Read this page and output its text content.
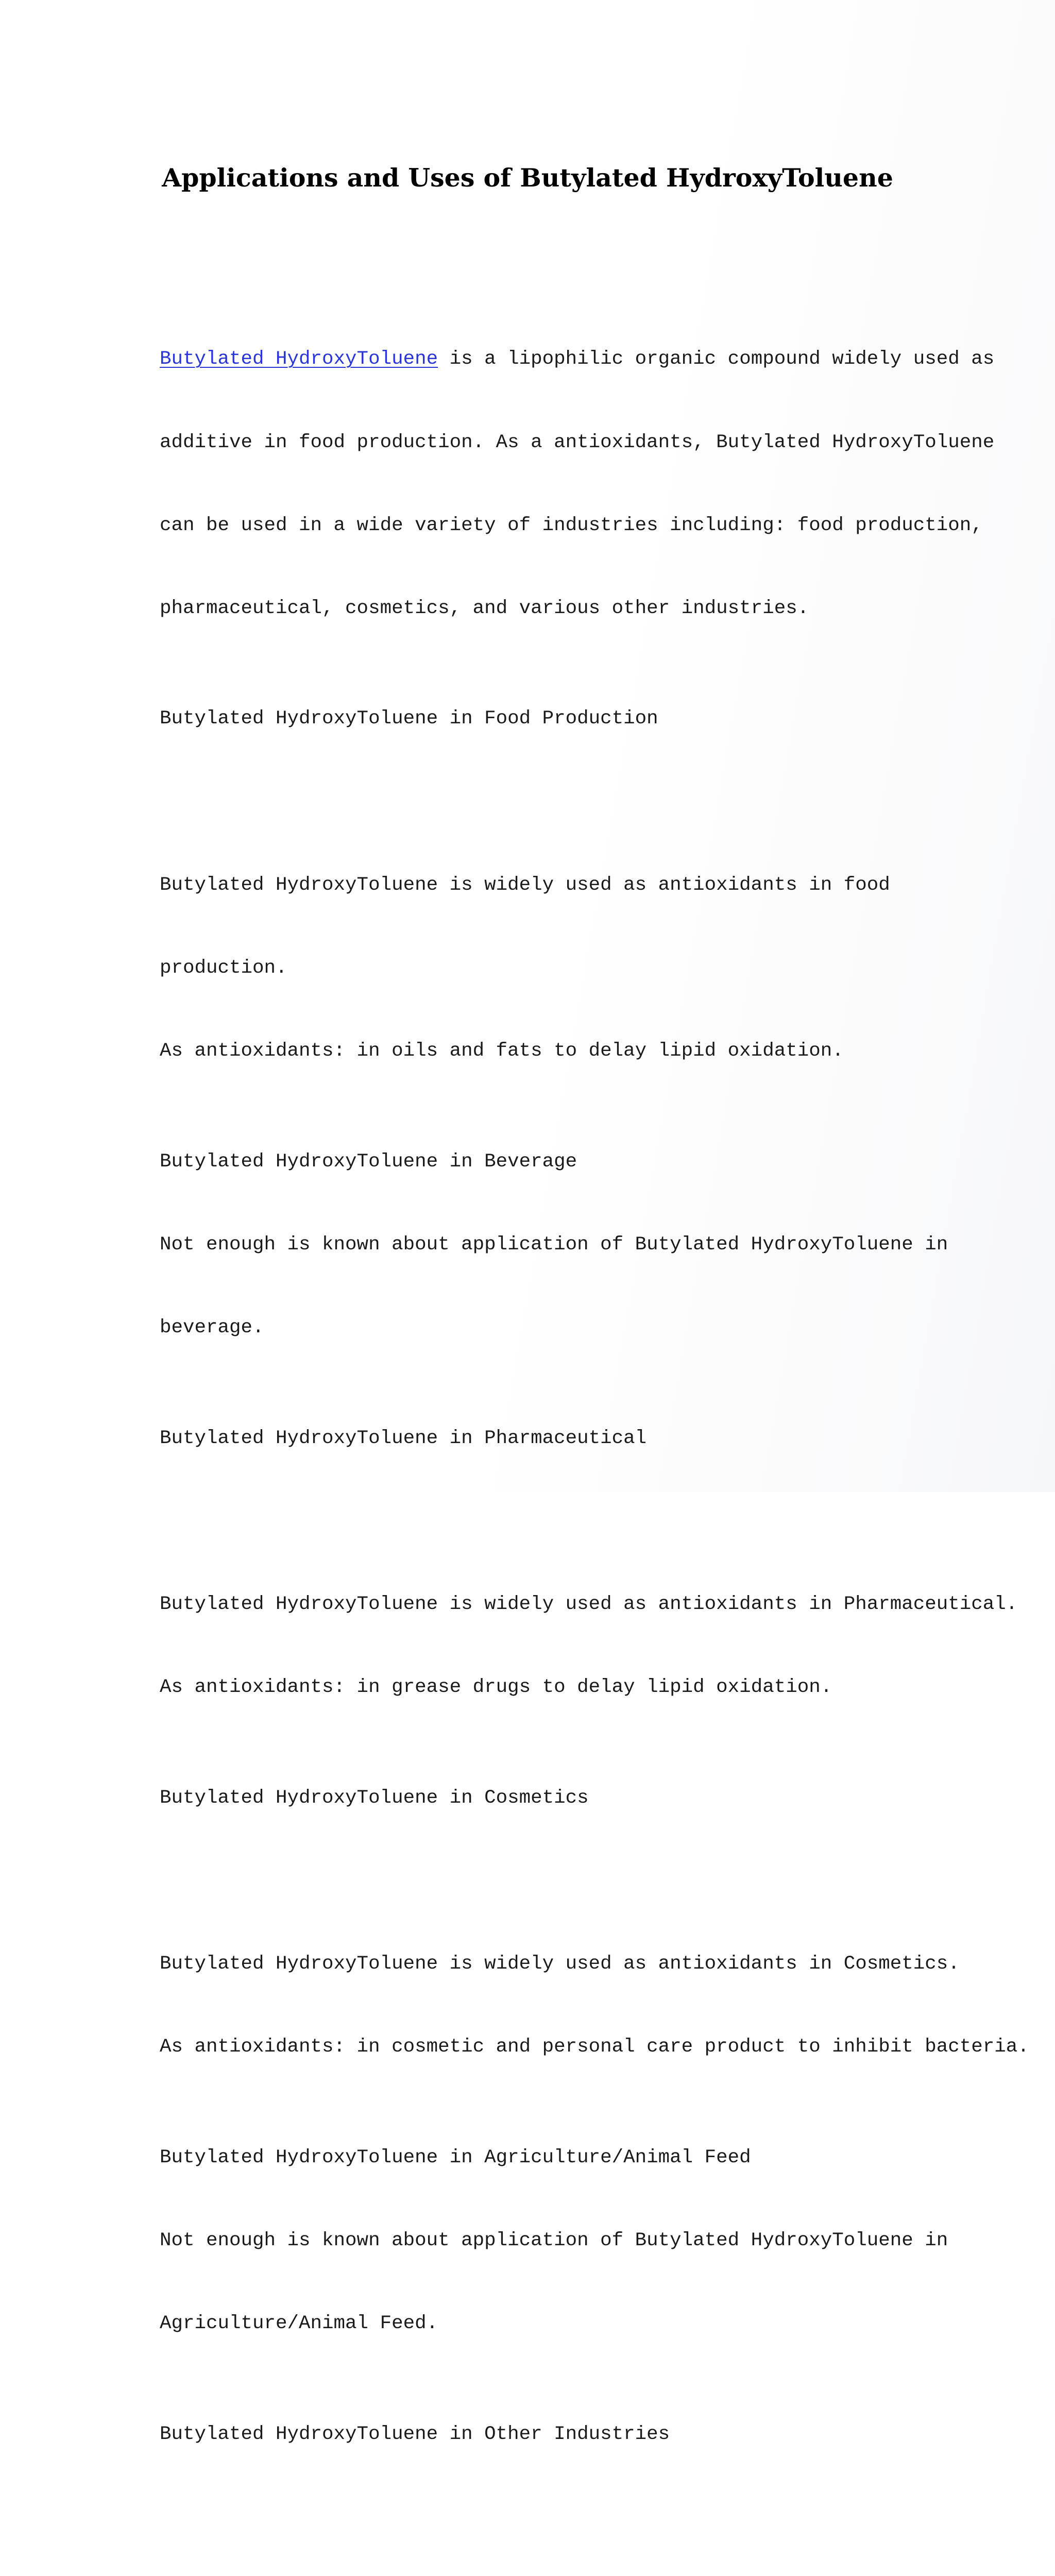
Applications and Uses of Butylated HydroxyToluene

Butylated HydroxyToluene is a lipophilic organic compound widely used as

additive in food production. As a antioxidants, Butylated HydroxyToluene

can be used in a wide variety of industries including: food production,

pharmaceutical, cosmetics, and various other industries.

Butylated HydroxyToluene in Food Production

Butylated HydroxyToluene is widely used as antioxidants in food

production.

As antioxidants: in oils and fats to delay lipid oxidation.

Butylated HydroxyToluene in Beverage

Not enough is known about application of Butylated HydroxyToluene in

beverage.

Butylated HydroxyToluene in Pharmaceutical

Butylated HydroxyToluene is widely used as antioxidants in Pharmaceutical.

As antioxidants: in grease drugs to delay lipid oxidation.

Butylated HydroxyToluene in Cosmetics

Butylated HydroxyToluene is widely used as antioxidants in Cosmetics.

As antioxidants: in cosmetic and personal care product to inhibit bacteria.

Butylated HydroxyToluene in Agriculture/Animal Feed

Not enough is known about application of Butylated HydroxyToluene in

Agriculture/Animal Feed.

Butylated HydroxyToluene in Other Industries
